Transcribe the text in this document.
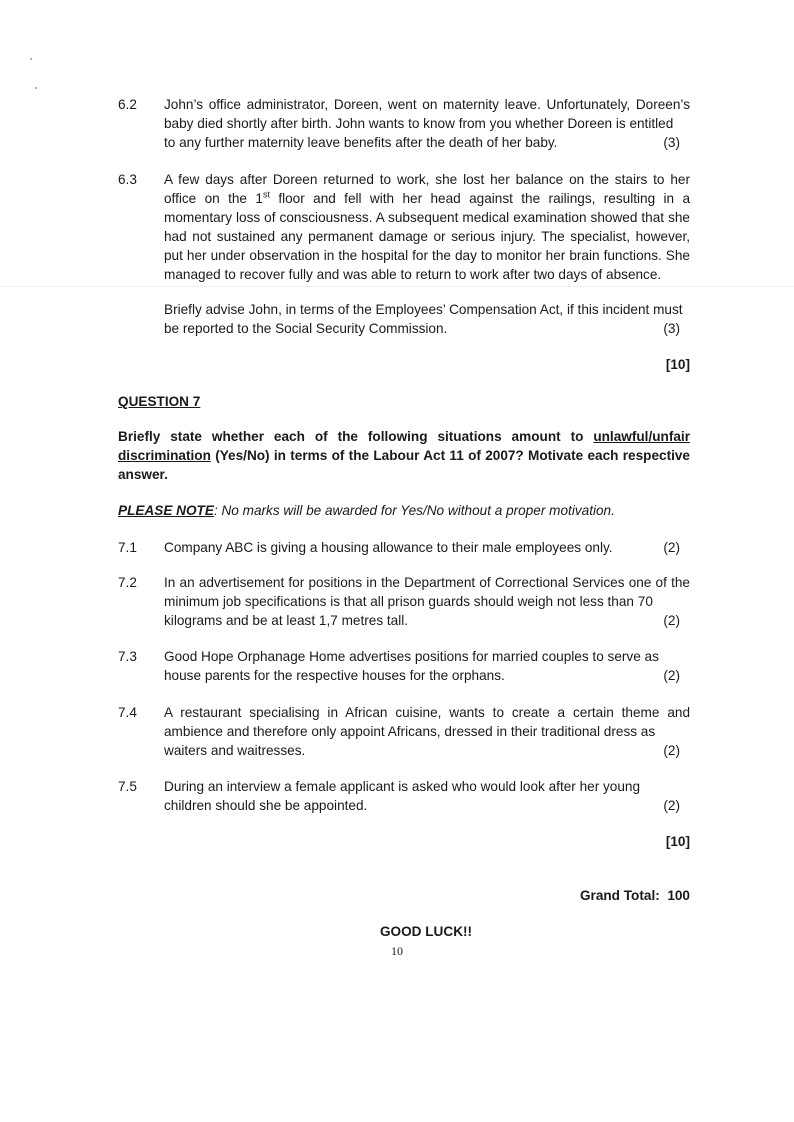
6.2	John’s office administrator, Doreen, went on maternity leave. Unfortunately, Doreen’s baby died shortly after birth. John wants to know from you whether Doreen is entitled
to any further maternity leave benefits after the death of her baby.	(3)
6.3	A few days after Doreen returned to work, she lost her balance on the stairs to her office on the 1st floor and fell with her head against the railings, resulting in a momentary loss of consciousness. A subsequent medical examination showed that she had not sustained any permanent damage or serious injury. The specialist, however, put her under observation in the hospital for the day to monitor her brain functions. She managed to recover fully and was able to return to work after two days of absence.
Briefly advise John, in terms of the Employees’ Compensation Act, if this incident must
be reported to the Social Security Commission.	(3)
[10]
QUESTION 7
Briefly state whether each of the following situations amount to unlawful/unfair discrimination (Yes/No) in terms of the Labour Act 11 of 2007? Motivate each respective answer.
PLEASE NOTE: No marks will be awarded for Yes/No without a proper motivation.
7.1	Company ABC is giving a housing allowance to their male employees only.	(2)
7.2	In an advertisement for positions in the Department of Correctional Services one of the minimum job specifications is that all prison guards should weigh not less than 70
kilograms and be at least 1,7 metres tall.	(2)
7.3	Good Hope Orphanage Home advertises positions for married couples to serve as
house parents for the respective houses for the orphans.	(2)
7.4	A restaurant specialising in African cuisine, wants to create a certain theme and ambience and therefore only appoint Africans, dressed in their traditional dress as
waiters and waitresses.	(2)
7.5	During an interview a female applicant is asked who would look after her young
children should she be appointed.	(2)
[10]
Grand Total: 100
GOOD LUCK!!
10
